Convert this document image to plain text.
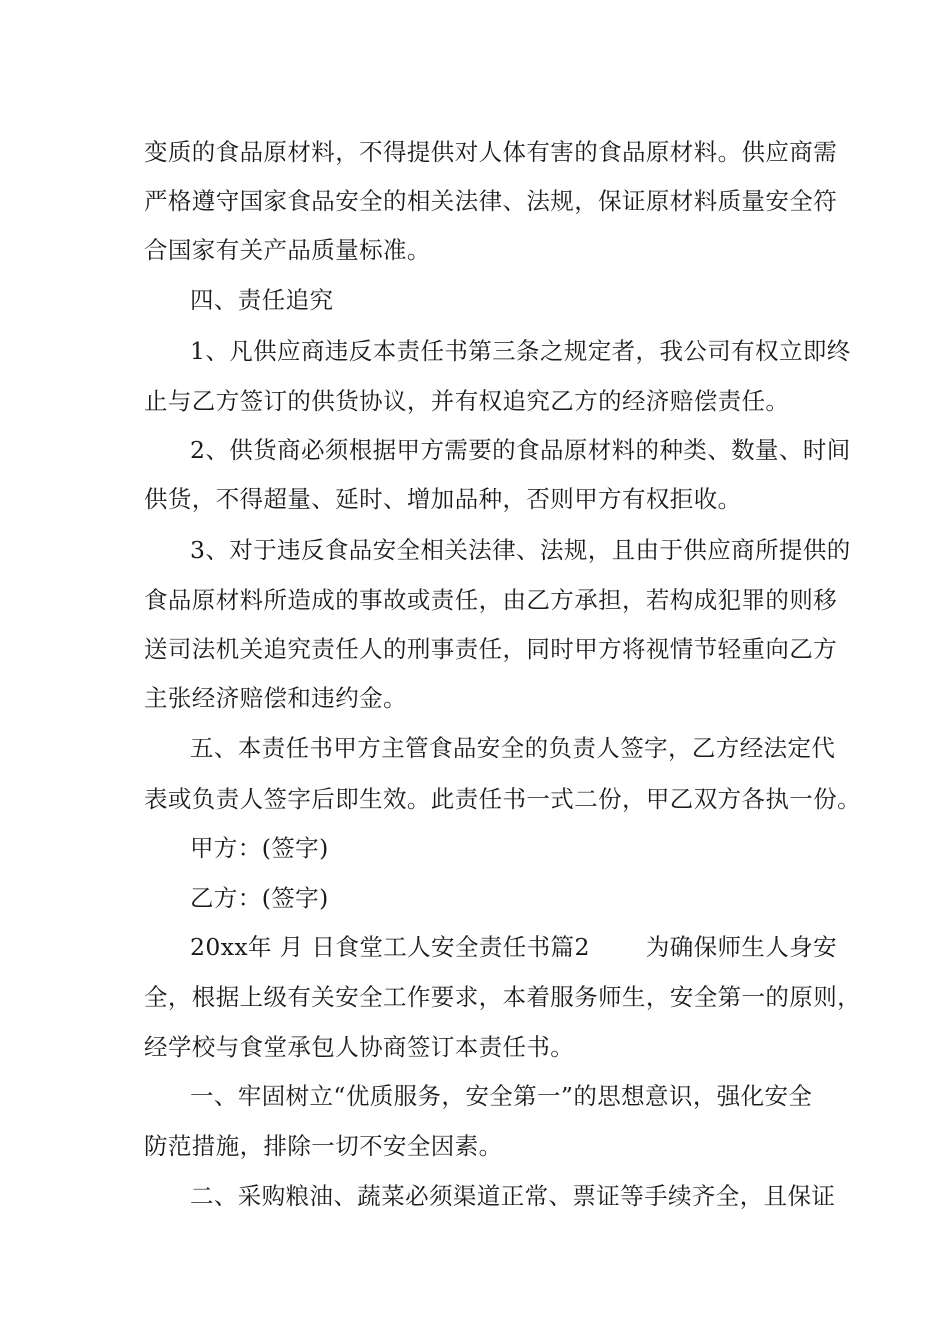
变质的食品原材料，不得提供对人体有害的食品原材料。供应商需

严格遵守国家食品安全的相关法律、法规，保证原材料质量安全符

合国家有关产品质量标准。

四、责任追究

1、凡供应商违反本责任书第三条之规定者，我公司有权立即终

止与乙方签订的供货协议，并有权追究乙方的经济赔偿责任。

2、供货商必须根据甲方需要的食品原材料的种类、数量、时间

供货，不得超量、延时、增加品种，否则甲方有权拒收。

3、对于违反食品安全相关法律、法规，且由于供应商所提供的

食品原材料所造成的事故或责任，由乙方承担，若构成犯罪的则移

送司法机关追究责任人的刑事责任，同时甲方将视情节轻重向乙方

主张经济赔偿和违约金。

五、本责任书甲方主管食品安全的负责人签字，乙方经法定代

表或负责人签字后即生效。此责任书一式二份，甲乙双方各执一份。

甲方：(签字)

乙方：(签字)

20xx年 月 日食堂工人安全责任书篇2 为确保师生人身安

全，根据上级有关安全工作要求，本着服务师生，安全第一的原则，

经学校与食堂承包人协商签订本责任书。

一、牢固树立“优质服务，安全第一”的思想意识，强化安全

防范措施，排除一切不安全因素。

二、采购粮油、蔬菜必须渠道正常、票证等手续齐全，且保证
